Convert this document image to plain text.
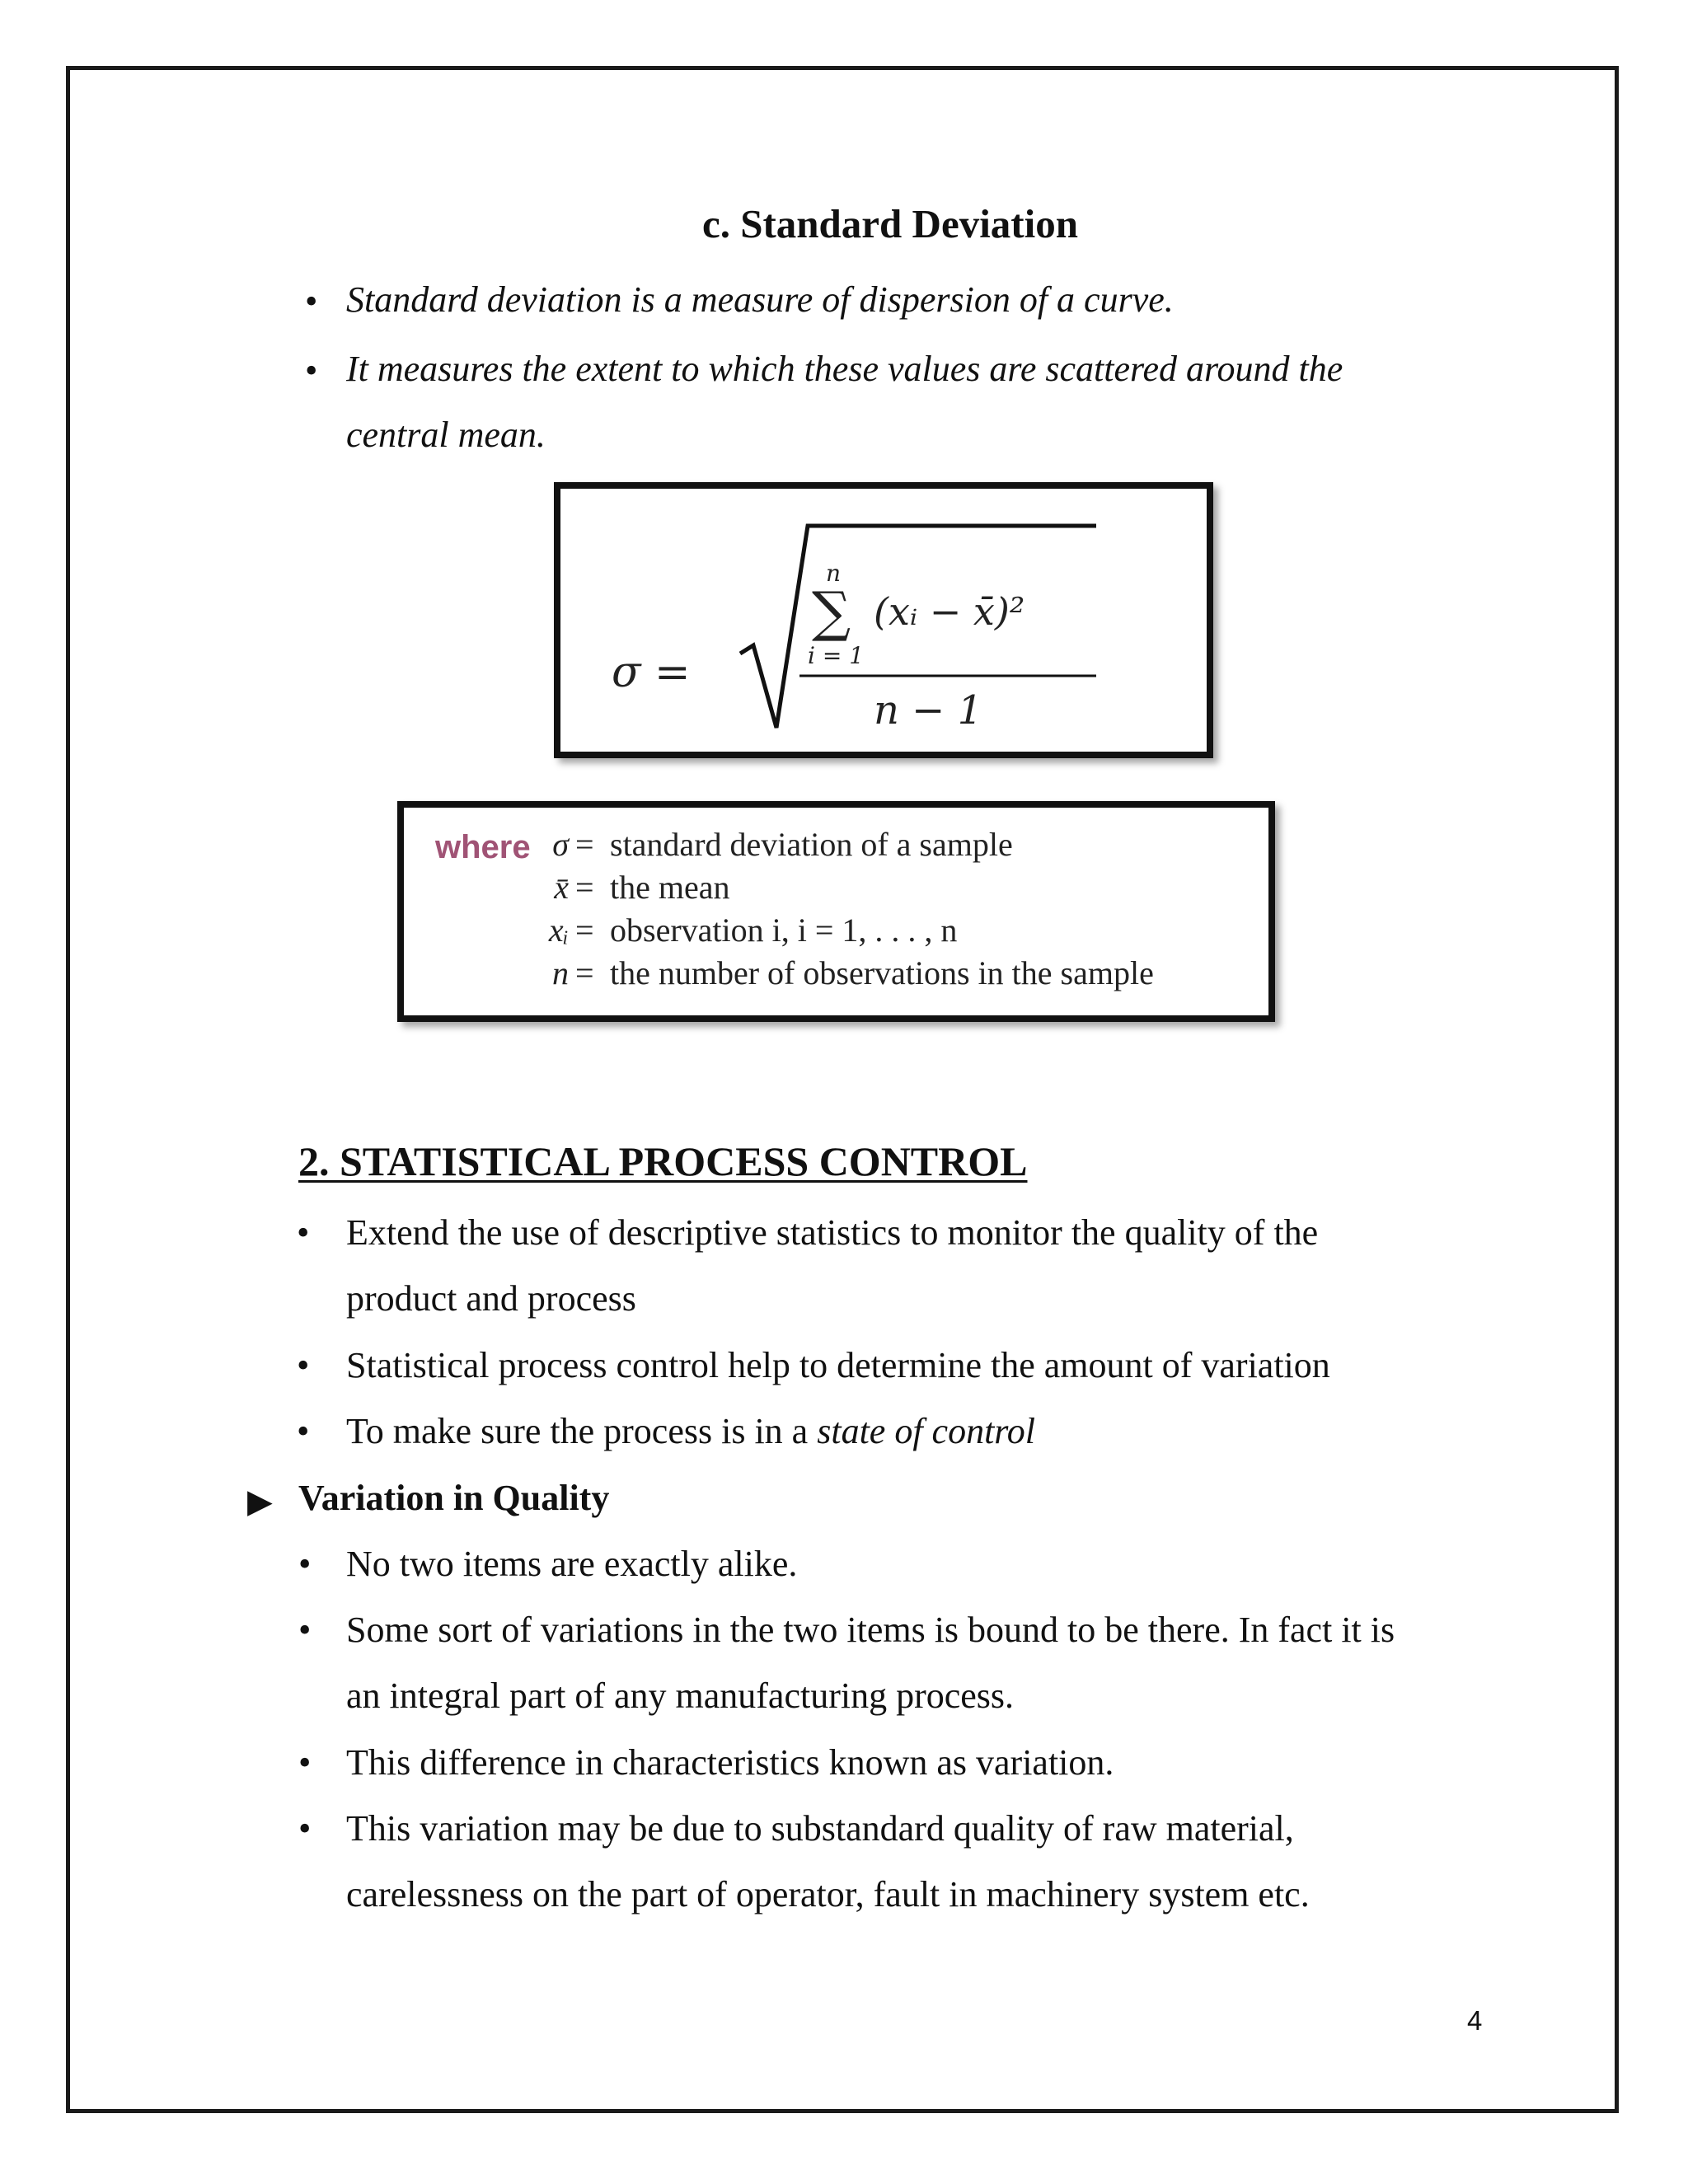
c. Standard Deviation
• Standard deviation is a measure of dispersion of a curve.
• It measures the extent to which these values are scattered around the
central mean.
σ =
n
∑
i = 1
(xᵢ − x̄)²
n − 1
where σ = standard deviation of a sample
x̄ = the mean
xᵢ = observation i, i = 1, . . . , n
n = the number of observations in the sample
2. STATISTICAL PROCESS CONTROL
• Extend the use of descriptive statistics to monitor the quality of the
product and process
• Statistical process control help to determine the amount of variation
• To make sure the process is in a state of control
▶ Variation in Quality
• No two items are exactly alike.
• Some sort of variations in the two items is bound to be there. In fact it is
an integral part of any manufacturing process.
• This difference in characteristics known as variation.
• This variation may be due to substandard quality of raw material,
carelessness on the part of operator, fault in machinery system etc.
4
